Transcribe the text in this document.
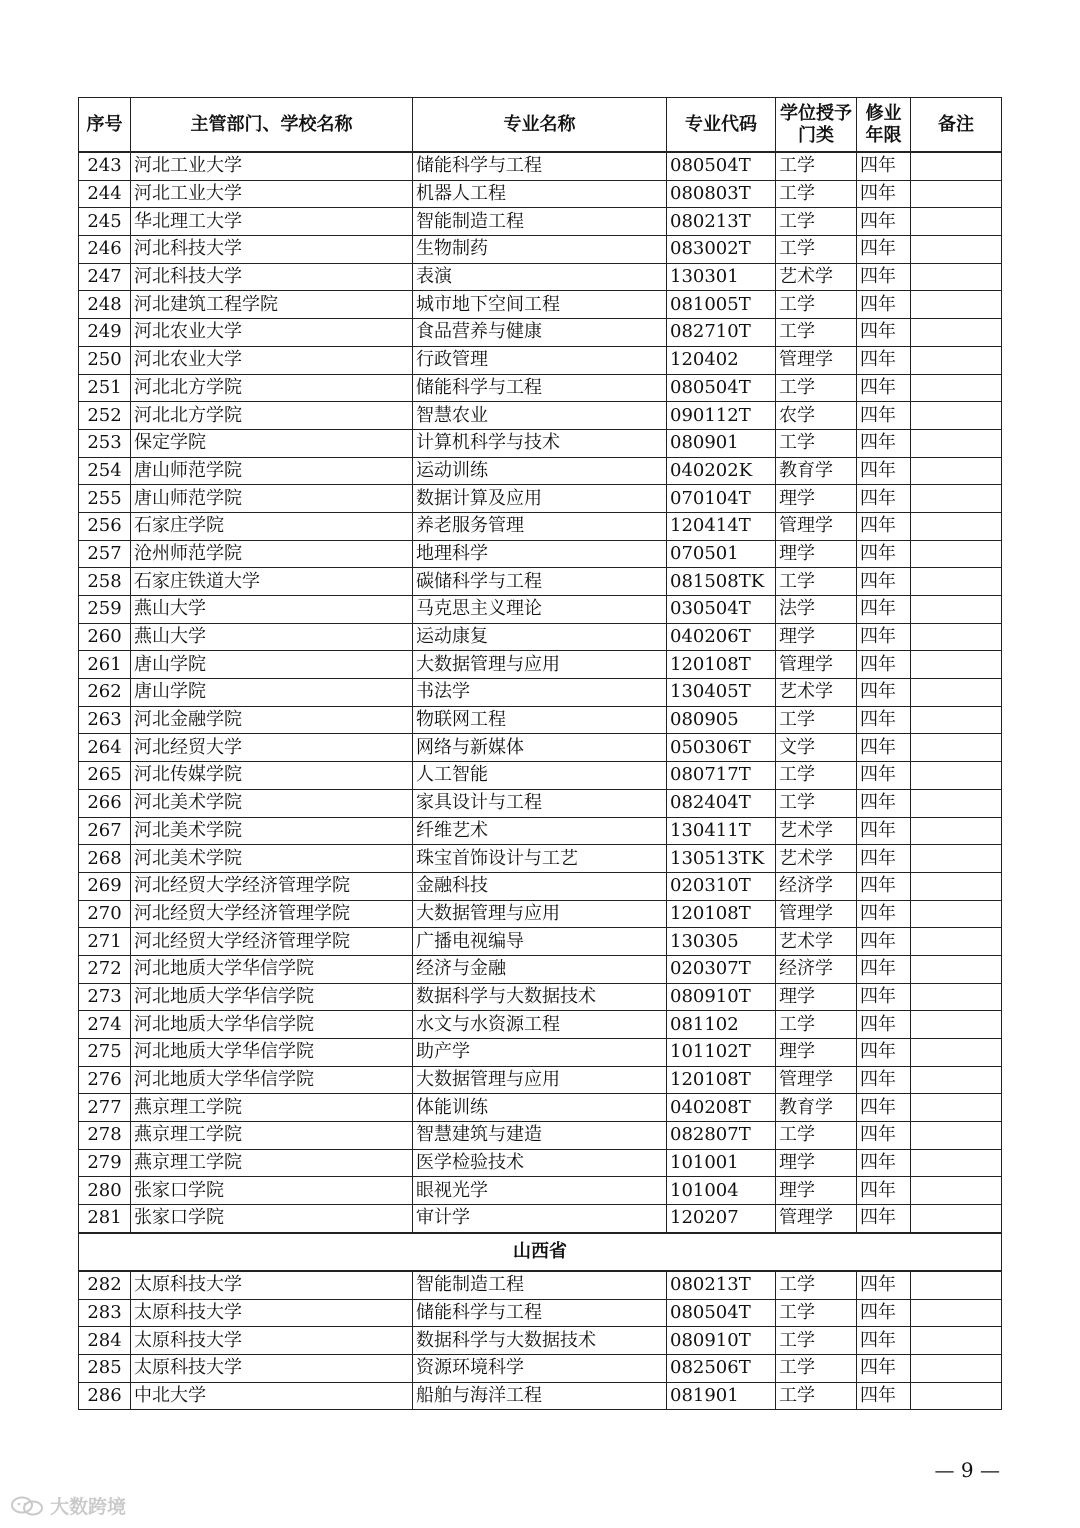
序号	主管部门、学校名称	专业名称	专业代码	学位授予门类	修业年限	备注
243	河北工业大学	储能科学与工程	080504T	工学	四年	
244	河北工业大学	机器人工程	080803T	工学	四年	
245	华北理工大学	智能制造工程	080213T	工学	四年	
246	河北科技大学	生物制药	083002T	工学	四年	
247	河北科技大学	表演	130301	艺术学	四年	
248	河北建筑工程学院	城市地下空间工程	081005T	工学	四年	
249	河北农业大学	食品营养与健康	082710T	工学	四年	
250	河北农业大学	行政管理	120402	管理学	四年	
251	河北北方学院	储能科学与工程	080504T	工学	四年	
252	河北北方学院	智慧农业	090112T	农学	四年	
253	保定学院	计算机科学与技术	080901	工学	四年	
254	唐山师范学院	运动训练	040202K	教育学	四年	
255	唐山师范学院	数据计算及应用	070104T	理学	四年	
256	石家庄学院	养老服务管理	120414T	管理学	四年	
257	沧州师范学院	地理科学	070501	理学	四年	
258	石家庄铁道大学	碳储科学与工程	081508TK	工学	四年	
259	燕山大学	马克思主义理论	030504T	法学	四年	
260	燕山大学	运动康复	040206T	理学	四年	
261	唐山学院	大数据管理与应用	120108T	管理学	四年	
262	唐山学院	书法学	130405T	艺术学	四年	
263	河北金融学院	物联网工程	080905	工学	四年	
264	河北经贸大学	网络与新媒体	050306T	文学	四年	
265	河北传媒学院	人工智能	080717T	工学	四年	
266	河北美术学院	家具设计与工程	082404T	工学	四年	
267	河北美术学院	纤维艺术	130411T	艺术学	四年	
268	河北美术学院	珠宝首饰设计与工艺	130513TK	艺术学	四年	
269	河北经贸大学经济管理学院	金融科技	020310T	经济学	四年	
270	河北经贸大学经济管理学院	大数据管理与应用	120108T	管理学	四年	
271	河北经贸大学经济管理学院	广播电视编导	130305	艺术学	四年	
272	河北地质大学华信学院	经济与金融	020307T	经济学	四年	
273	河北地质大学华信学院	数据科学与大数据技术	080910T	理学	四年	
274	河北地质大学华信学院	水文与水资源工程	081102	工学	四年	
275	河北地质大学华信学院	助产学	101102T	理学	四年	
276	河北地质大学华信学院	大数据管理与应用	120108T	管理学	四年	
277	燕京理工学院	体能训练	040208T	教育学	四年	
278	燕京理工学院	智慧建筑与建造	082807T	工学	四年	
279	燕京理工学院	医学检验技术	101001	理学	四年	
280	张家口学院	眼视光学	101004	理学	四年	
281	张家口学院	审计学	120207	管理学	四年	
山西省						
282	太原科技大学	智能制造工程	080213T	工学	四年	
283	太原科技大学	储能科学与工程	080504T	工学	四年	
284	太原科技大学	数据科学与大数据技术	080910T	工学	四年	
285	太原科技大学	资源环境科学	082506T	工学	四年	
286	中北大学	船舶与海洋工程	081901	工学	四年	
— 9 —
大数跨境
